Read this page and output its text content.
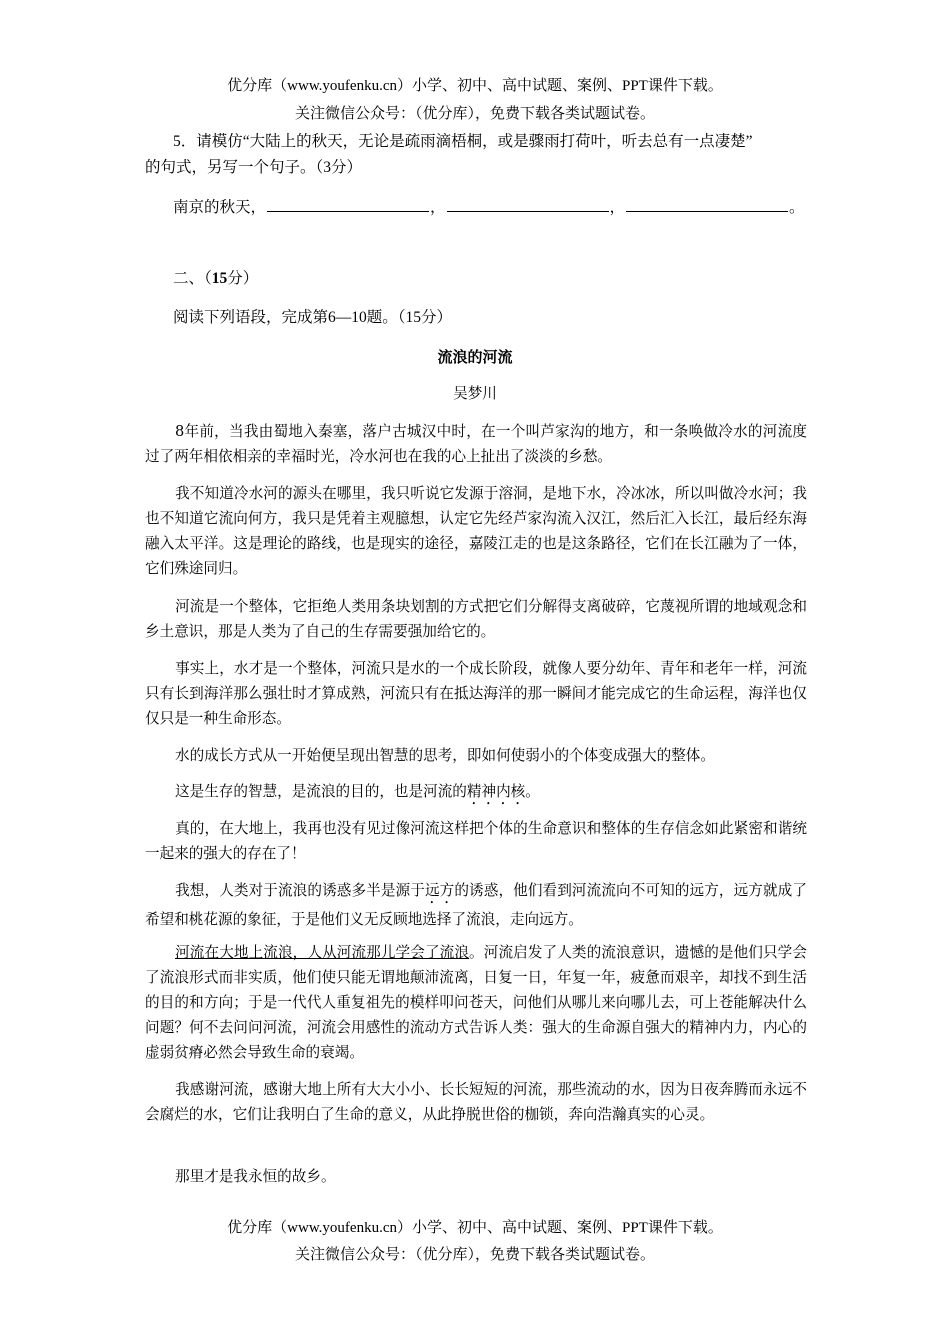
优分库（www.youfenku.cn）小学、初中、高中试题、案例、PPT课件下载。
关注微信公众号：（优分库），免费下载各类试题试卷。
5．请模仿“大陆上的秋天，无论是疏雨滴梧桐，或是骤雨打荷叶，听去总有一点凄楚”
的句式，另写一个句子。（3分）
南京的秋天，	，	，	。
二、（15分）
阅读下列语段，完成第6—10题。（15分）
流浪的河流
吴梦川
8年前，当我由蜀地入秦塞，落户古城汉中时，在一个叫芦家沟的地方，和一条唤做冷水的河流度过了两年相依相亲的幸福时光，冷水河也在我的心上扯出了淡淡的乡愁。
我不知道冷水河的源头在哪里，我只听说它发源于溶洞，是地下水，冷冰冰，所以叫做冷水河；我也不知道它流向何方，我只是凭着主观臆想，认定它先经芦家沟流入汉江，然后汇入长江，最后经东海融入太平洋。这是理论的路线，也是现实的途径，嘉陵江走的也是这条路径，它们在长江融为了一体，它们殊途同归。
河流是一个整体，它拒绝人类用条块划割的方式把它们分解得支离破碎，它蔑视所谓的地域观念和乡土意识，那是人类为了自己的生存需要强加给它的。
事实上，水才是一个整体，河流只是水的一个成长阶段，就像人要分幼年、青年和老年一样，河流只有长到海洋那么强壮时才算成熟，河流只有在抵达海洋的那一瞬间才能完成它的生命运程，海洋也仅仅只是一种生命形态。
水的成长方式从一开始便呈现出智慧的思考，即如何使弱小的个体变成强大的整体。
这是生存的智慧，是流浪的目的，也是河流的精神内核。
真的，在大地上，我再也没有见过像河流这样把个体的生命意识和整体的生存信念如此紧密和谐统一起来的强大的存在了！
我想，人类对于流浪的诱惑多半是源于远方的诱惑，他们看到河流流向不可知的远方，远方就成了希望和桃花源的象征，于是他们义无反顾地选择了流浪，走向远方。
河流在大地上流浪，人从河流那儿学会了流浪。河流启发了人类的流浪意识，遗憾的是他们只学会了流浪形式而非实质，他们使只能无谓地颠沛流离，日复一日，年复一年，疲惫而艰辛，却找不到生活的目的和方向；于是一代代人重复祖先的模样叩问苍天，问他们从哪儿来向哪儿去，可上苍能解决什么问题？何不去问问河流，河流会用感性的流动方式告诉人类：强大的生命源自强大的精神内力，内心的虚弱贫瘠必然会导致生命的衰竭。
我感谢河流，感谢大地上所有大大小小、长长短短的河流，那些流动的水，因为日夜奔腾而永远不会腐烂的水，它们让我明白了生命的意义，从此挣脱世俗的枷锁，奔向浩瀚真实的心灵。
那里才是我永恒的故乡。
优分库（www.youfenku.cn）小学、初中、高中试题、案例、PPT课件下载。
关注微信公众号：（优分库），免费下载各类试题试卷。
